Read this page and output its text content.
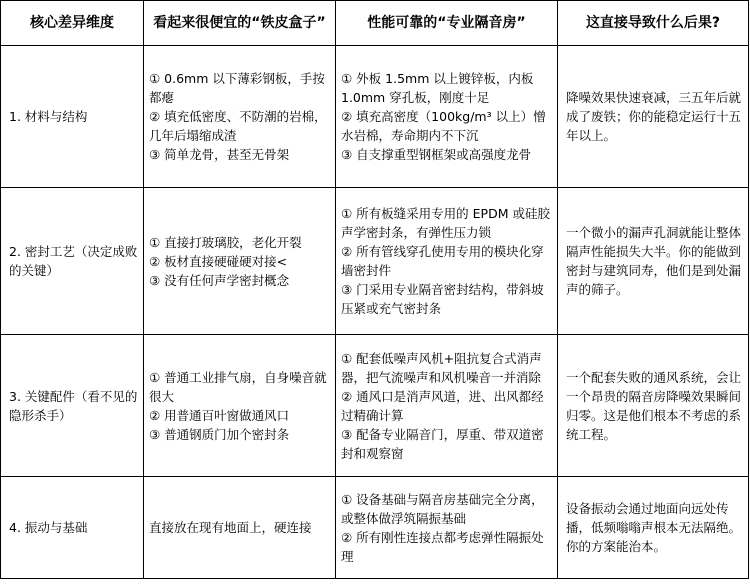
核心差异维度	看起来很便宜的“铁皮盒子”	性能可靠的“专业隔音房”	这直接导致什么后果?
1. 材料与结构	① 0.6mm 以下薄彩钢板，手按都瘪
② 填充低密度、不防潮的岩棉，几年后塌缩成渣
③ 简单龙骨，甚至无骨架	① 外板 1.5mm 以上镀锌板，内板 1.0mm 穿孔板，刚度十足
② 填充高密度（100kg/m³ 以上）憎水岩棉，寿命期内不下沉
③ 自支撑重型钢框架或高强度龙骨	降噪效果快速衰减，三五年后就成了废铁；你的能稳定运行十五年以上。
2. 密封工艺（决定成败的关键）	① 直接打玻璃胶，老化开裂
② 板材直接硬碰硬对接<
③ 没有任何声学密封概念	① 所有板缝采用专用的 EPDM 或硅胶声学密封条，有弹性压力锁
② 所有管线穿孔使用专用的模块化穿墙密封件
③ 门采用专业隔音密封结构，带斜坡压紧或充气密封条	一个微小的漏声孔洞就能让整体隔声性能损失大半。你的能做到密封与建筑同寿，他们是到处漏声的筛子。
3. 关键配件（看不见的隐形杀手）	① 普通工业排气扇，自身噪音就很大
② 用普通百叶窗做通风口
③ 普通钢质门加个密封条	① 配套低噪声风机+阻抗复合式消声器，把气流噪声和风机噪音一并消除
② 通风口是消声风道，进、出风都经过精确计算
③ 配备专业隔音门，厚重、带双道密封和观察窗	一个配套失败的通风系统，会让一个昂贵的隔音房降噪效果瞬间归零。这是他们根本不考虑的系统工程。
4. 振动与基础	直接放在现有地面上，硬连接	① 设备基础与隔音房基础完全分离，或整体做浮筑隔振基础
② 所有刚性连接点都考虑弹性隔振处理	设备振动会通过地面向远处传播，低频嗡嗡声根本无法隔绝。你的方案能治本。
